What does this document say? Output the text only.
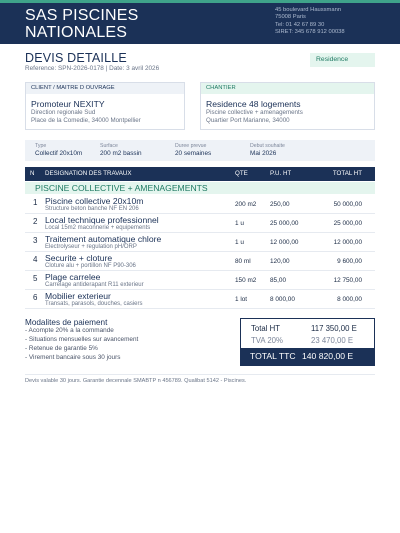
SAS PISCINES
NATIONALES
45 boulevard Haussmann
75008 Paris
Tel: 01 42 67 89 30
SIRET: 345 678 912 00038
DEVIS DETAILLE
Reference: SPN-2026-0178 | Date: 3 avril 2026
Residence
CLIENT / MAITRE D OUVRAGE
Promoteur NEXITY
Direction regionale Sud
Place de la Comedie, 34000 Montpellier
CHANTIER
Residence 48 logements
Piscine collective + amenagements
Quartier Port Marianne, 34000
Type
Collectif 20x10m
Surface
200 m2 bassin
Duree prevue
20 semaines
Debut souhaite
Mai 2026
N DESIGNATION DES TRAVAUX	QTE	P.U. HT	TOTAL HT
PISCINE COLLECTIVE + AMENAGEMENTS
1 Piscine collective 20x10m
Structure beton banche NF EN 206
200 m2 250,00	50 000,00
2 Local technique professionnel
Local 15m2 maconnerie + equipements
1 u	25 000,00	25 000,00
3 Traitement automatique chlore
Electrolyseur + regulation pH/ORP
1 u	12 000,00	12 000,00
4 Securite + cloture
Cloture alu + portillon NF P90-306
80 ml	120,00	9 600,00
5 Plage carrelee
Carrelage antiderapant R11 exterieur
150 m2 85,00	12 750,00
6 Mobilier exterieur
Transats, parasols, douches, casiers
1 lot	8 000,00	8 000,00
Modalites de paiement
- Acompte 20% a la commande
- Situations mensuelles sur avancement
- Retenue de garantie 5%
- Virement bancaire sous 30 jours
Total HT	117 350,00 E
TVA 20%	23 470,00 E
TOTAL TTC 140 820,00 E
Devis valable 30 jours. Garantie decennale SMABTP n 456789. Qualibat 5142 - Piscines.
